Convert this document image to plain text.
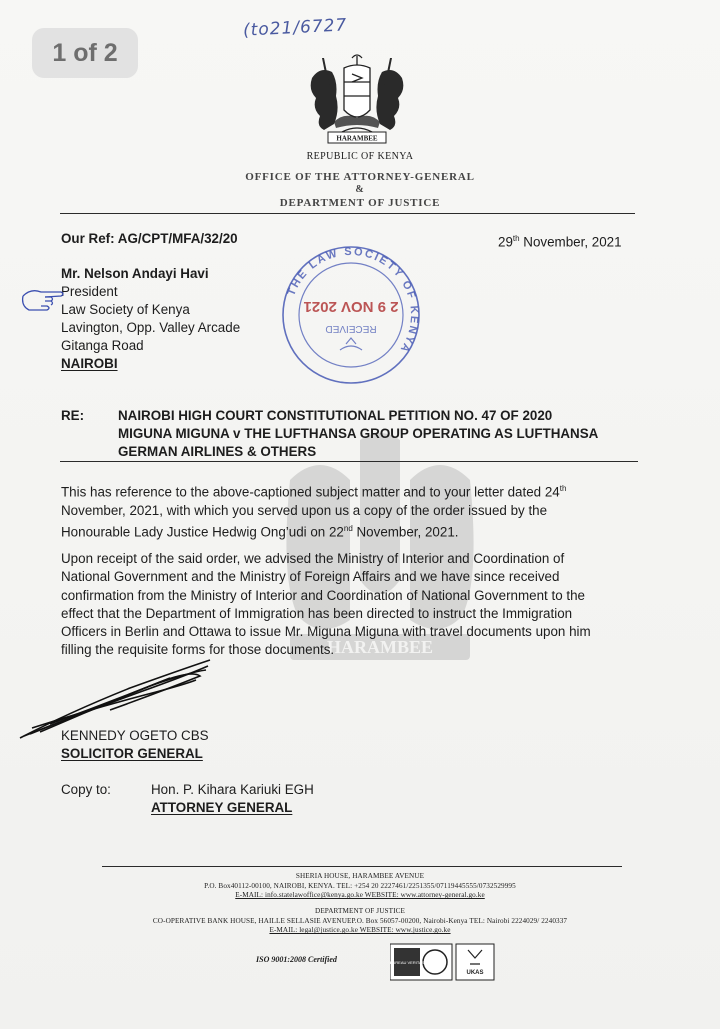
1 of 2
(to21/6727
HARAMBEE
REPUBLIC OF KENYA
OFFICE OF THE ATTORNEY-GENERAL
&
DEPARTMENT OF JUSTICE
Our Ref: AG/CPT/MFA/32/20	29th November, 2021
Mr. Nelson Andayi Havi
President
Law Society of Kenya
Lavington, Opp. Valley Arcade
Gitanga Road
NAIROBI
THE LAW SOCIETY OF KENYA
RECEIVED
2 9 NOV 2021
HARAMBEE
RE:	NAIROBI HIGH COURT CONSTITUTIONAL PETITION NO. 47 OF 2020
MIGUNA MIGUNA v THE LUFTHANSA GROUP OPERATING AS LUFTHANSA
GERMAN AIRLINES & OTHERS
This has reference to the above-captioned subject matter and to your letter dated 24th
November, 2021, with which you served upon us a copy of the order issued by the
Honourable Lady Justice Hedwig Ong’udi on 22nd November, 2021.
Upon receipt of the said order, we advised the Ministry of Interior and Coordination of
National Government and the Ministry of Foreign Affairs and we have since received
confirmation from the Ministry of Interior and Coordination of National Government to the
effect that the Department of Immigration has been directed to instruct the Immigration
Officers in Berlin and Ottawa to issue Mr. Miguna Miguna with travel documents upon him
filling the requisite forms for those documents.
KENNEDY OGETO CBS
SOLICITOR GENERAL
Copy to:	Hon. P. Kihara Kariuki EGH
ATTORNEY GENERAL
SHERIA HOUSE, HARAMBEE AVENUE
P.O. Box40112-00100, NAIROBI, KENYA. TEL: +254 20 2227461/2251355/07119445555/0732529995
E-MAIL: info.statelawoffice@kenya.go.ke WEBSITE: www.attorney-general.go.ke
DEPARTMENT OF JUSTICE
CO-OPERATIVE BANK HOUSE, HAILLE SELLASIE AVENUEP.O. Box 56057-00200, Nairobi-Kenya TEL: Nairobi 2224029/ 2240337
E-MAIL: legal@justice.go.ke WEBSITE: www.justice.go.ke
ISO 9001:2008 Certified	BUREAU VERITAS
UKAS
